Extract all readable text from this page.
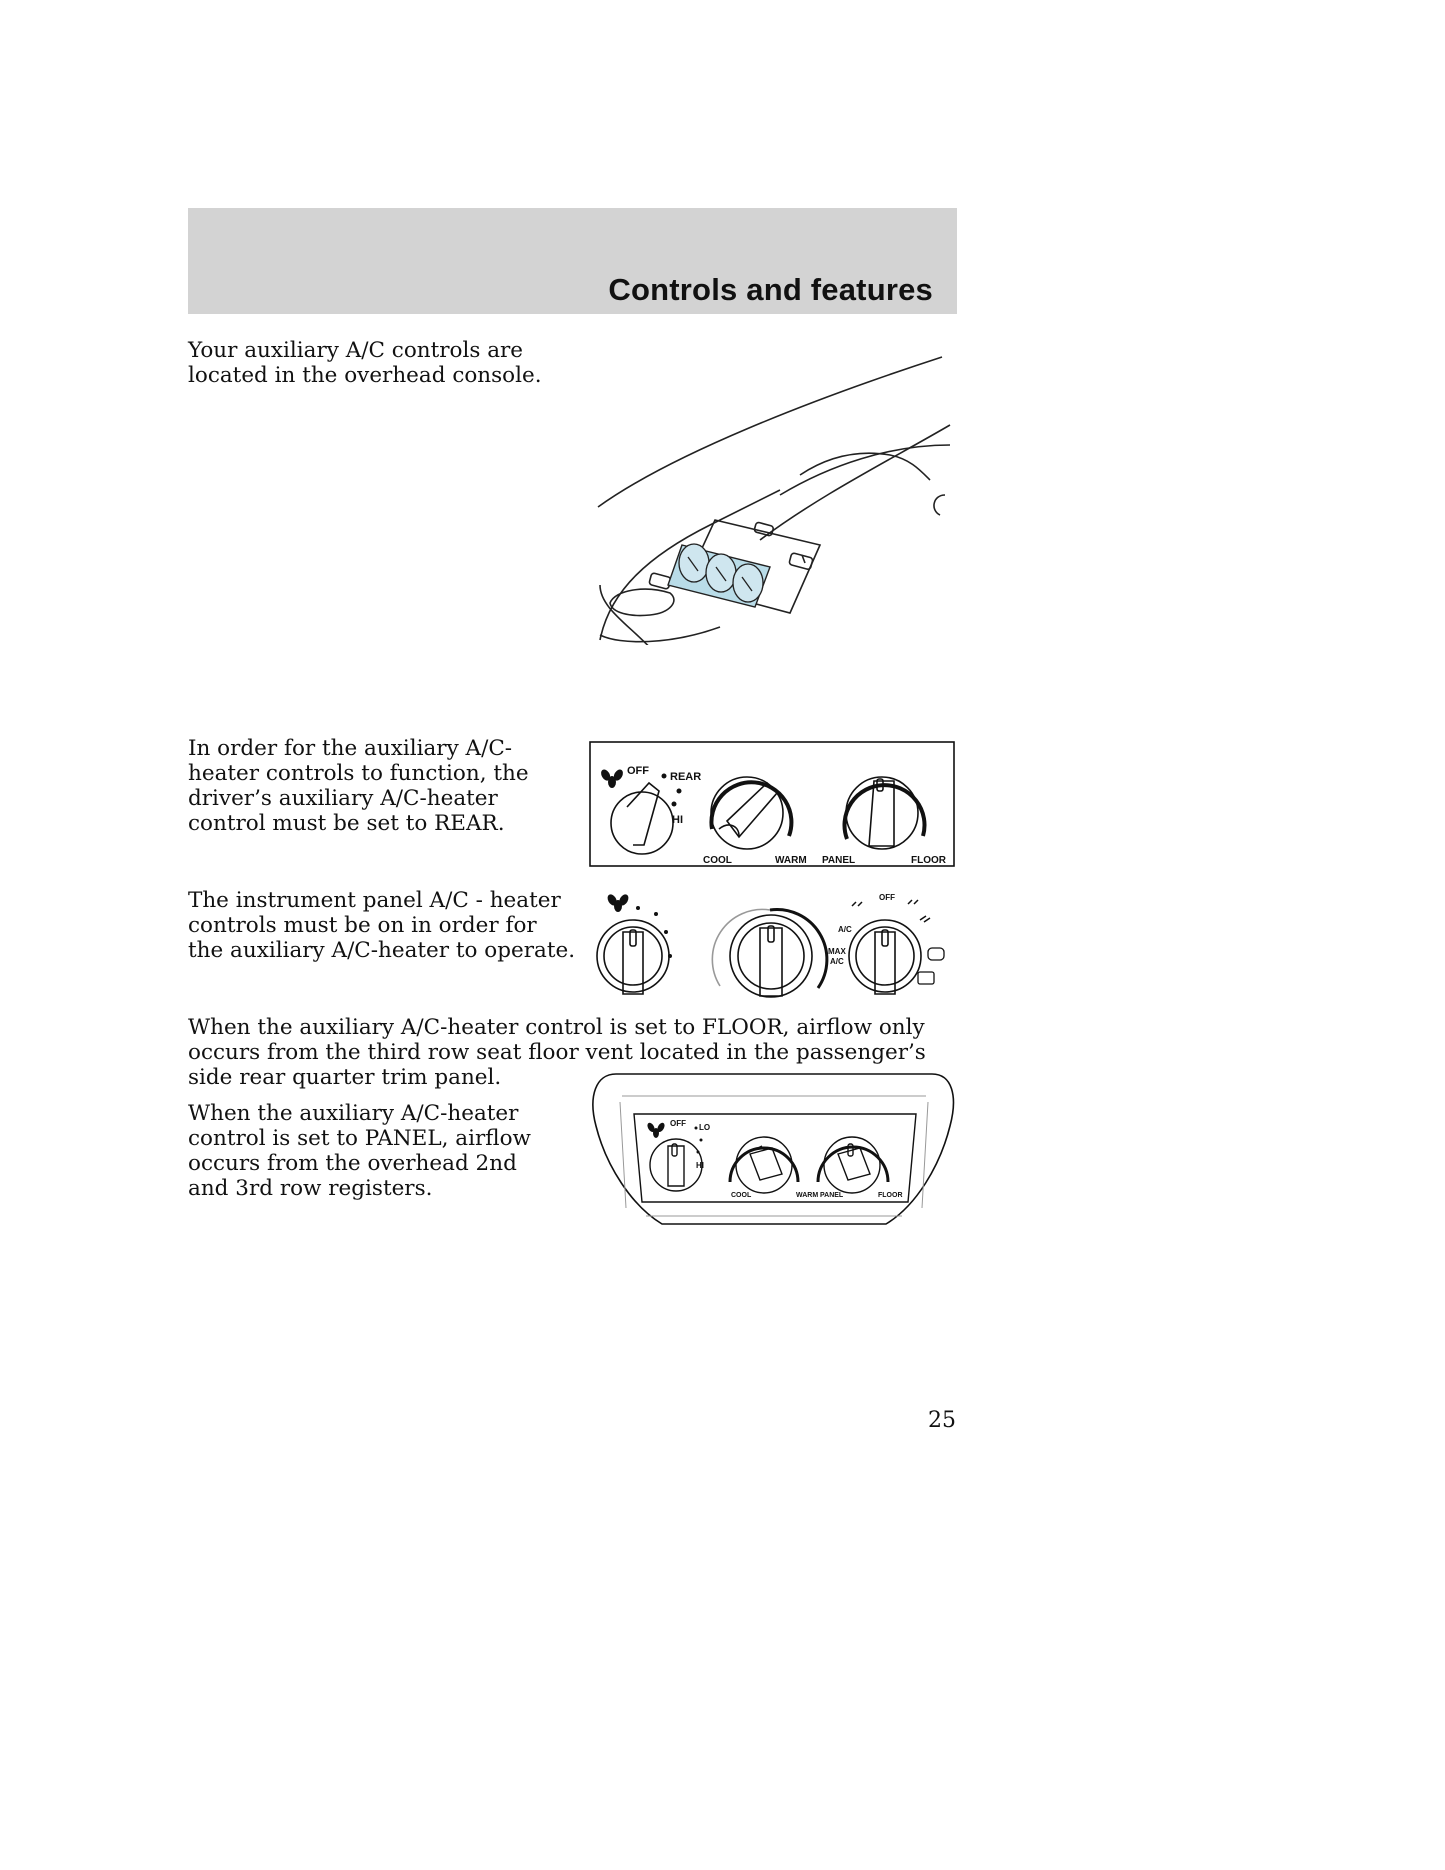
Controls and features

Your auxiliary A/C controls are located in the overhead console.

In order for the auxiliary A/C-heater controls to function, the driver’s auxiliary A/C-heater control must be set to REAR.

OFF REAR
HI
COOL	WARM PANEL	FLOOR

The instrument panel A/C - heater controls must be on in order for the auxiliary A/C-heater to operate.

OFF
A/C
MAX
A/C

When the auxiliary A/C-heater control is set to FLOOR, airflow only occurs from the third row seat floor vent located in the passenger’s side rear quarter trim panel.

When the auxiliary A/C-heater control is set to PANEL, airflow occurs from the overhead 2nd and 3rd row registers.

OFF LO
HI
COOL	WARM PANEL	FLOOR
25
